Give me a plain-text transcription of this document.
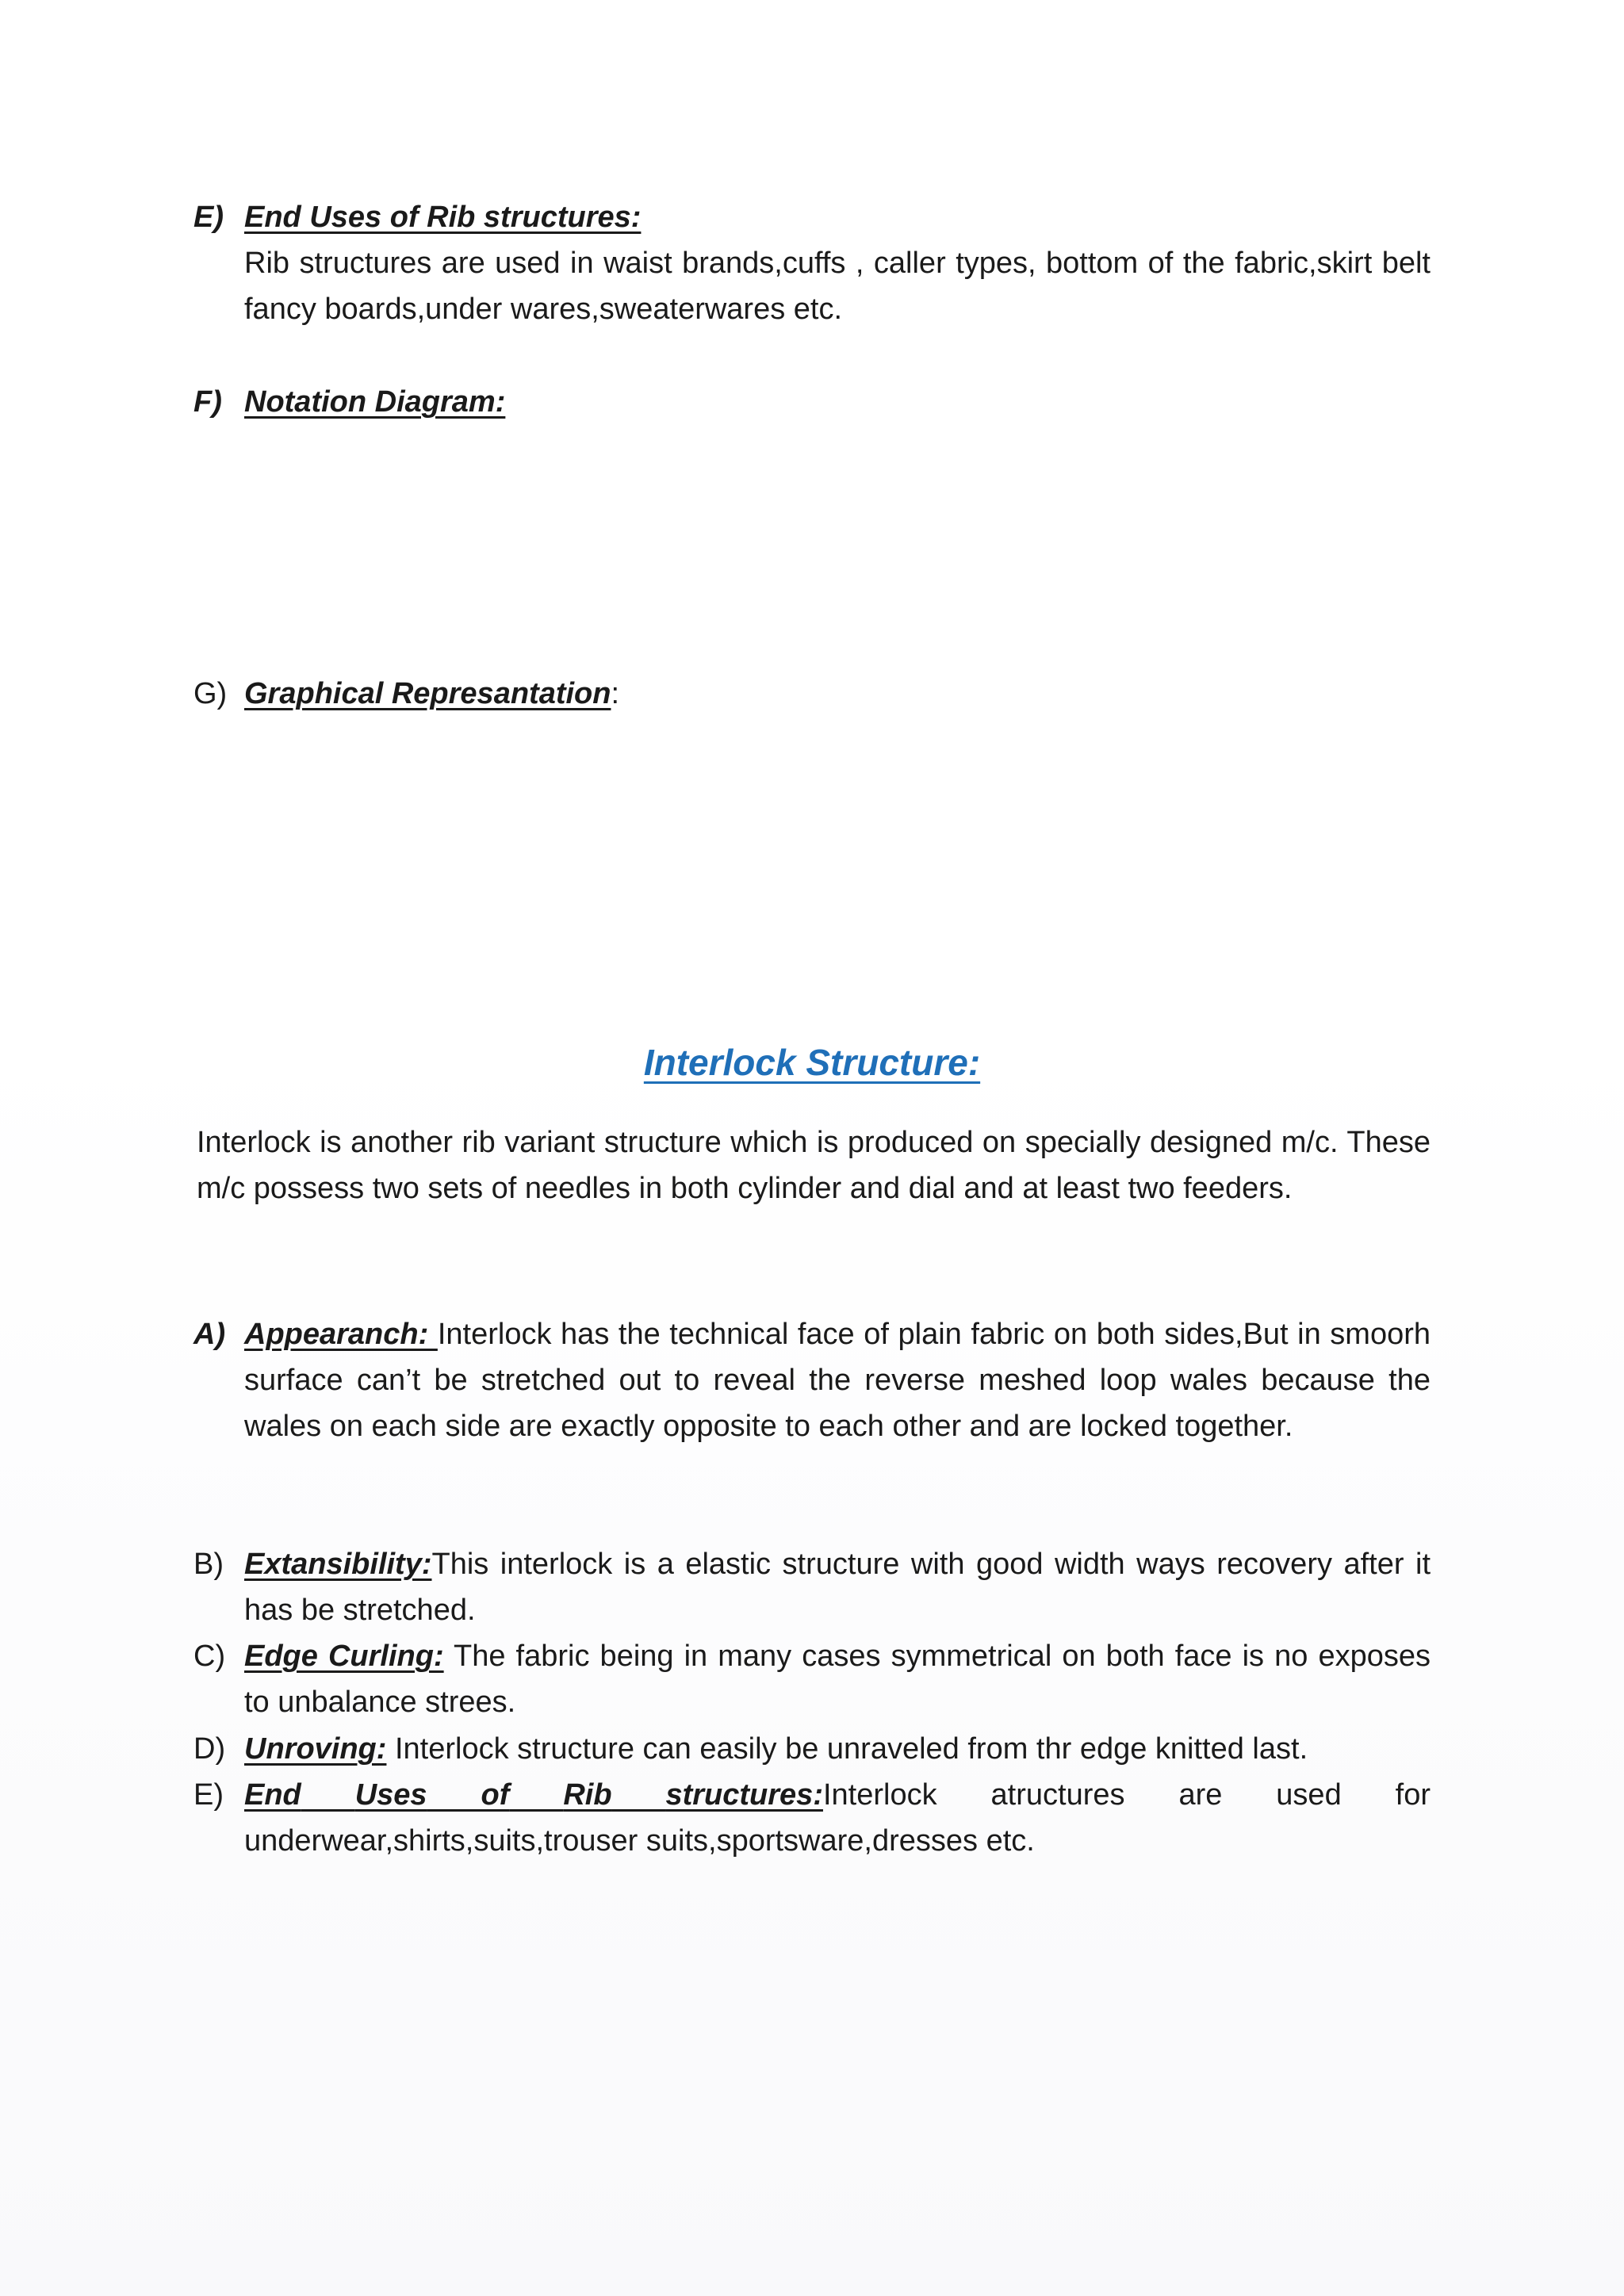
E) End Uses of Rib structures:
Rib structures are used in waist brands,cuffs , caller types, bottom of the fabric,skirt belt fancy boards,under wares,sweaterwares etc.
F) Notation Diagram:
G) Graphical Represantation:
Interlock Structure:
Interlock is another rib variant structure which is produced on specially designed m/c. These m/c possess two sets of needles in both cylinder and dial and at least two feeders.
A) Appearanch: Interlock has the technical face of plain fabric on both sides,But in smoorh surface can’t be stretched out to reveal the reverse meshed loop wales because the wales on each side are exactly opposite to each other and are locked together.
B) Extansibility:This interlock is a elastic structure with good width ways recovery after it has be stretched.
C) Edge Curling: The fabric being in many cases symmetrical on both face is no exposes to unbalance strees.
D) Unroving: Interlock structure can easily be unraveled from thr edge knitted last.
E) End Uses of Rib structures:Interlock atructures are used for
underwear,shirts,suits,trouser suits,sportsware,dresses etc.
